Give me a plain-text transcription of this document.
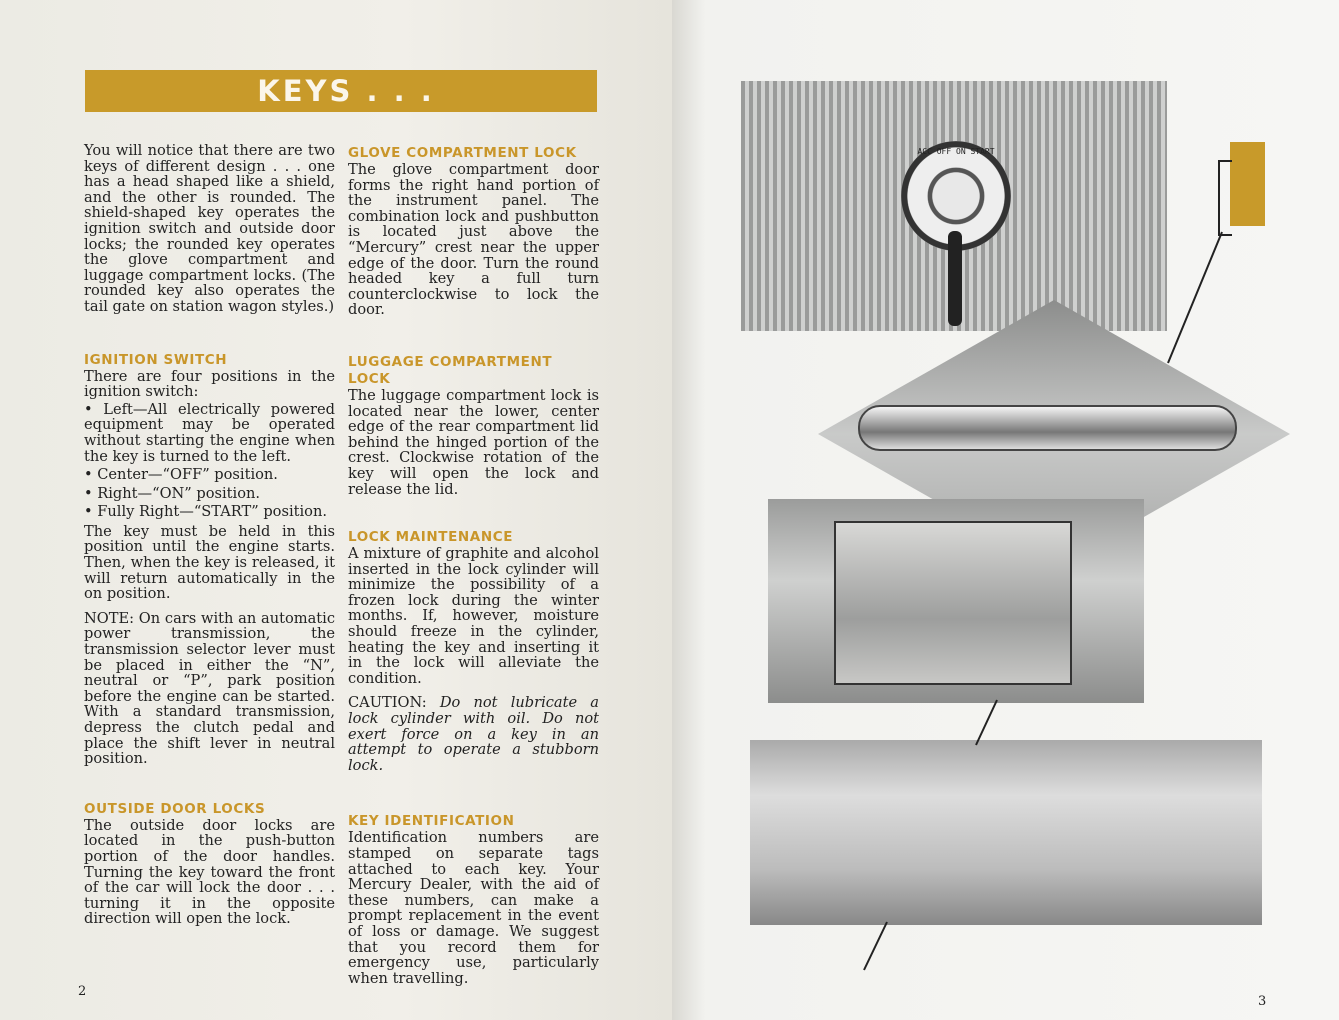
KEYS . . .

You will notice that there are two keys of different design . . . one has a head shaped like a shield, and the other is rounded. The shield-shaped key operates the ignition switch and outside door locks; the rounded key operates the glove compartment and luggage compartment locks. (The rounded key also operates the tail gate on station wagon styles.)

IGNITION SWITCH

There are four positions in the ignition switch:

• Left—All electrically powered equipment may be operated without starting the engine when the key is turned to the left.
• Center—“OFF” position.
• Right—“ON” position.
• Fully Right—“START” position.

The key must be held in this position until the engine starts. Then, when the key is released, it will return automatically in the on position.

NOTE: On cars with an automatic power transmission, the transmission selector lever must be placed in either the “N”, neutral or “P”, park position before the engine can be started. With a standard transmission, depress the clutch pedal and place the shift lever in neutral position.

OUTSIDE DOOR LOCKS

The outside door locks are located in the push-button portion of the door handles. Turning the key toward the front of the car will lock the door . . . turning it in the opposite direction will open the lock.

GLOVE COMPARTMENT LOCK

The glove compartment door forms the right hand portion of the instrument panel. The combination lock and pushbutton is located just above the “Mercury” crest near the upper edge of the door. Turn the round headed key a full turn counterclockwise to lock the door.

LUGGAGE COMPARTMENT LOCK

The luggage compartment lock is located near the lower, center edge of the rear compartment lid behind the hinged portion of the crest. Clockwise rotation of the key will open the lock and release the lid.

LOCK MAINTENANCE

A mixture of graphite and alcohol inserted in the lock cylinder will minimize the possibility of a frozen lock during the winter months. If, however, moisture should freeze in the cylinder, heating the key and inserting it in the lock will alleviate the condition.

CAUTION: Do not lubricate a lock cylinder with oil. Do not exert force on a key in an attempt to operate a stubborn lock.

KEY IDENTIFICATION

Identification numbers are stamped on separate tags attached to each key. Your Mercury Dealer, with the aid of these numbers, can make a prompt replacement in the event of loss or damage. We suggest that you record them for emergency use, particularly when travelling.

2
3
ACC OFF ON START
